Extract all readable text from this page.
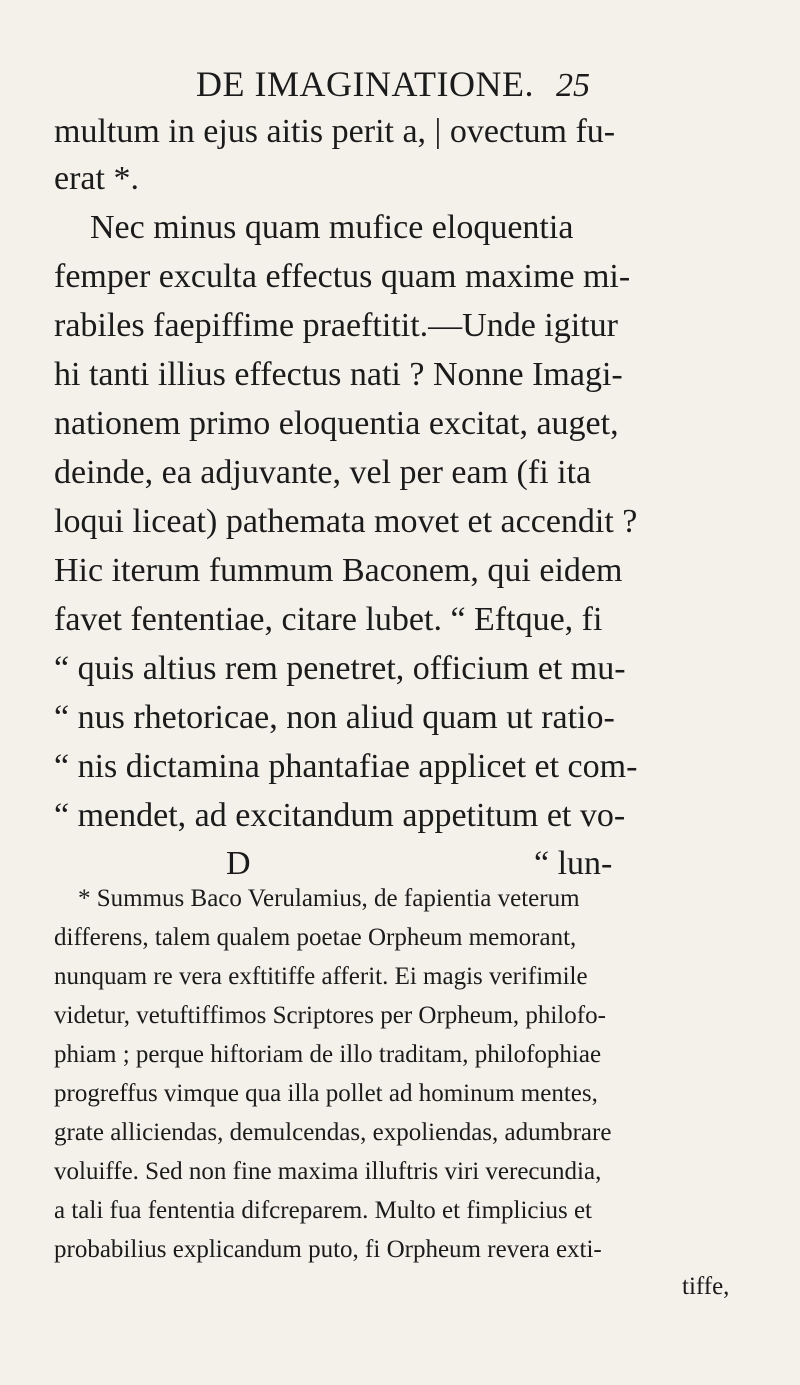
DE IMAGINATIONE. 25
multum in ejus aitis perit a, | ovectum fu-
erat *.
Nec minus quam mufice eloquentia
femper exculta effectus quam maxime mi-
rabiles faepiffime praeftitit.—Unde igitur
hi tanti illius effectus nati ? Nonne Imagi-
nationem primo eloquentia excitat, auget,
deinde, ea adjuvante, vel per eam (fi ita
loqui liceat) pathemata movet et accendit ?
Hic iterum fummum Baconem, qui eidem
favet fententiae, citare lubet. “ Eftque, fi
“ quis altius rem penetret, officium et mu-
“ nus rhetoricae, non aliud quam ut ratio-
“ nis dictamina phantafiae applicet et com-
“ mendet, ad excitandum appetitum et vo-
D	“ lun-
* Summus Baco Verulamius, de fapientia veterum
differens, talem qualem poetae Orpheum memorant,
nunquam re vera exftitiffe afferit. Ei magis verifimile
videtur, vetuftiffimos Scriptores per Orpheum, philofo-
phiam ; perque hiftoriam de illo traditam, philofophiae
progreffus vimque qua illa pollet ad hominum mentes,
grate alliciendas, demulcendas, expoliendas, adumbrare
voluiffe. Sed non fine maxima illuftris viri verecundia,
a tali fua fententia difcreparem. Multo et fimplicius et
probabilius explicandum puto, fi Orpheum revera exti-
tiffe,
